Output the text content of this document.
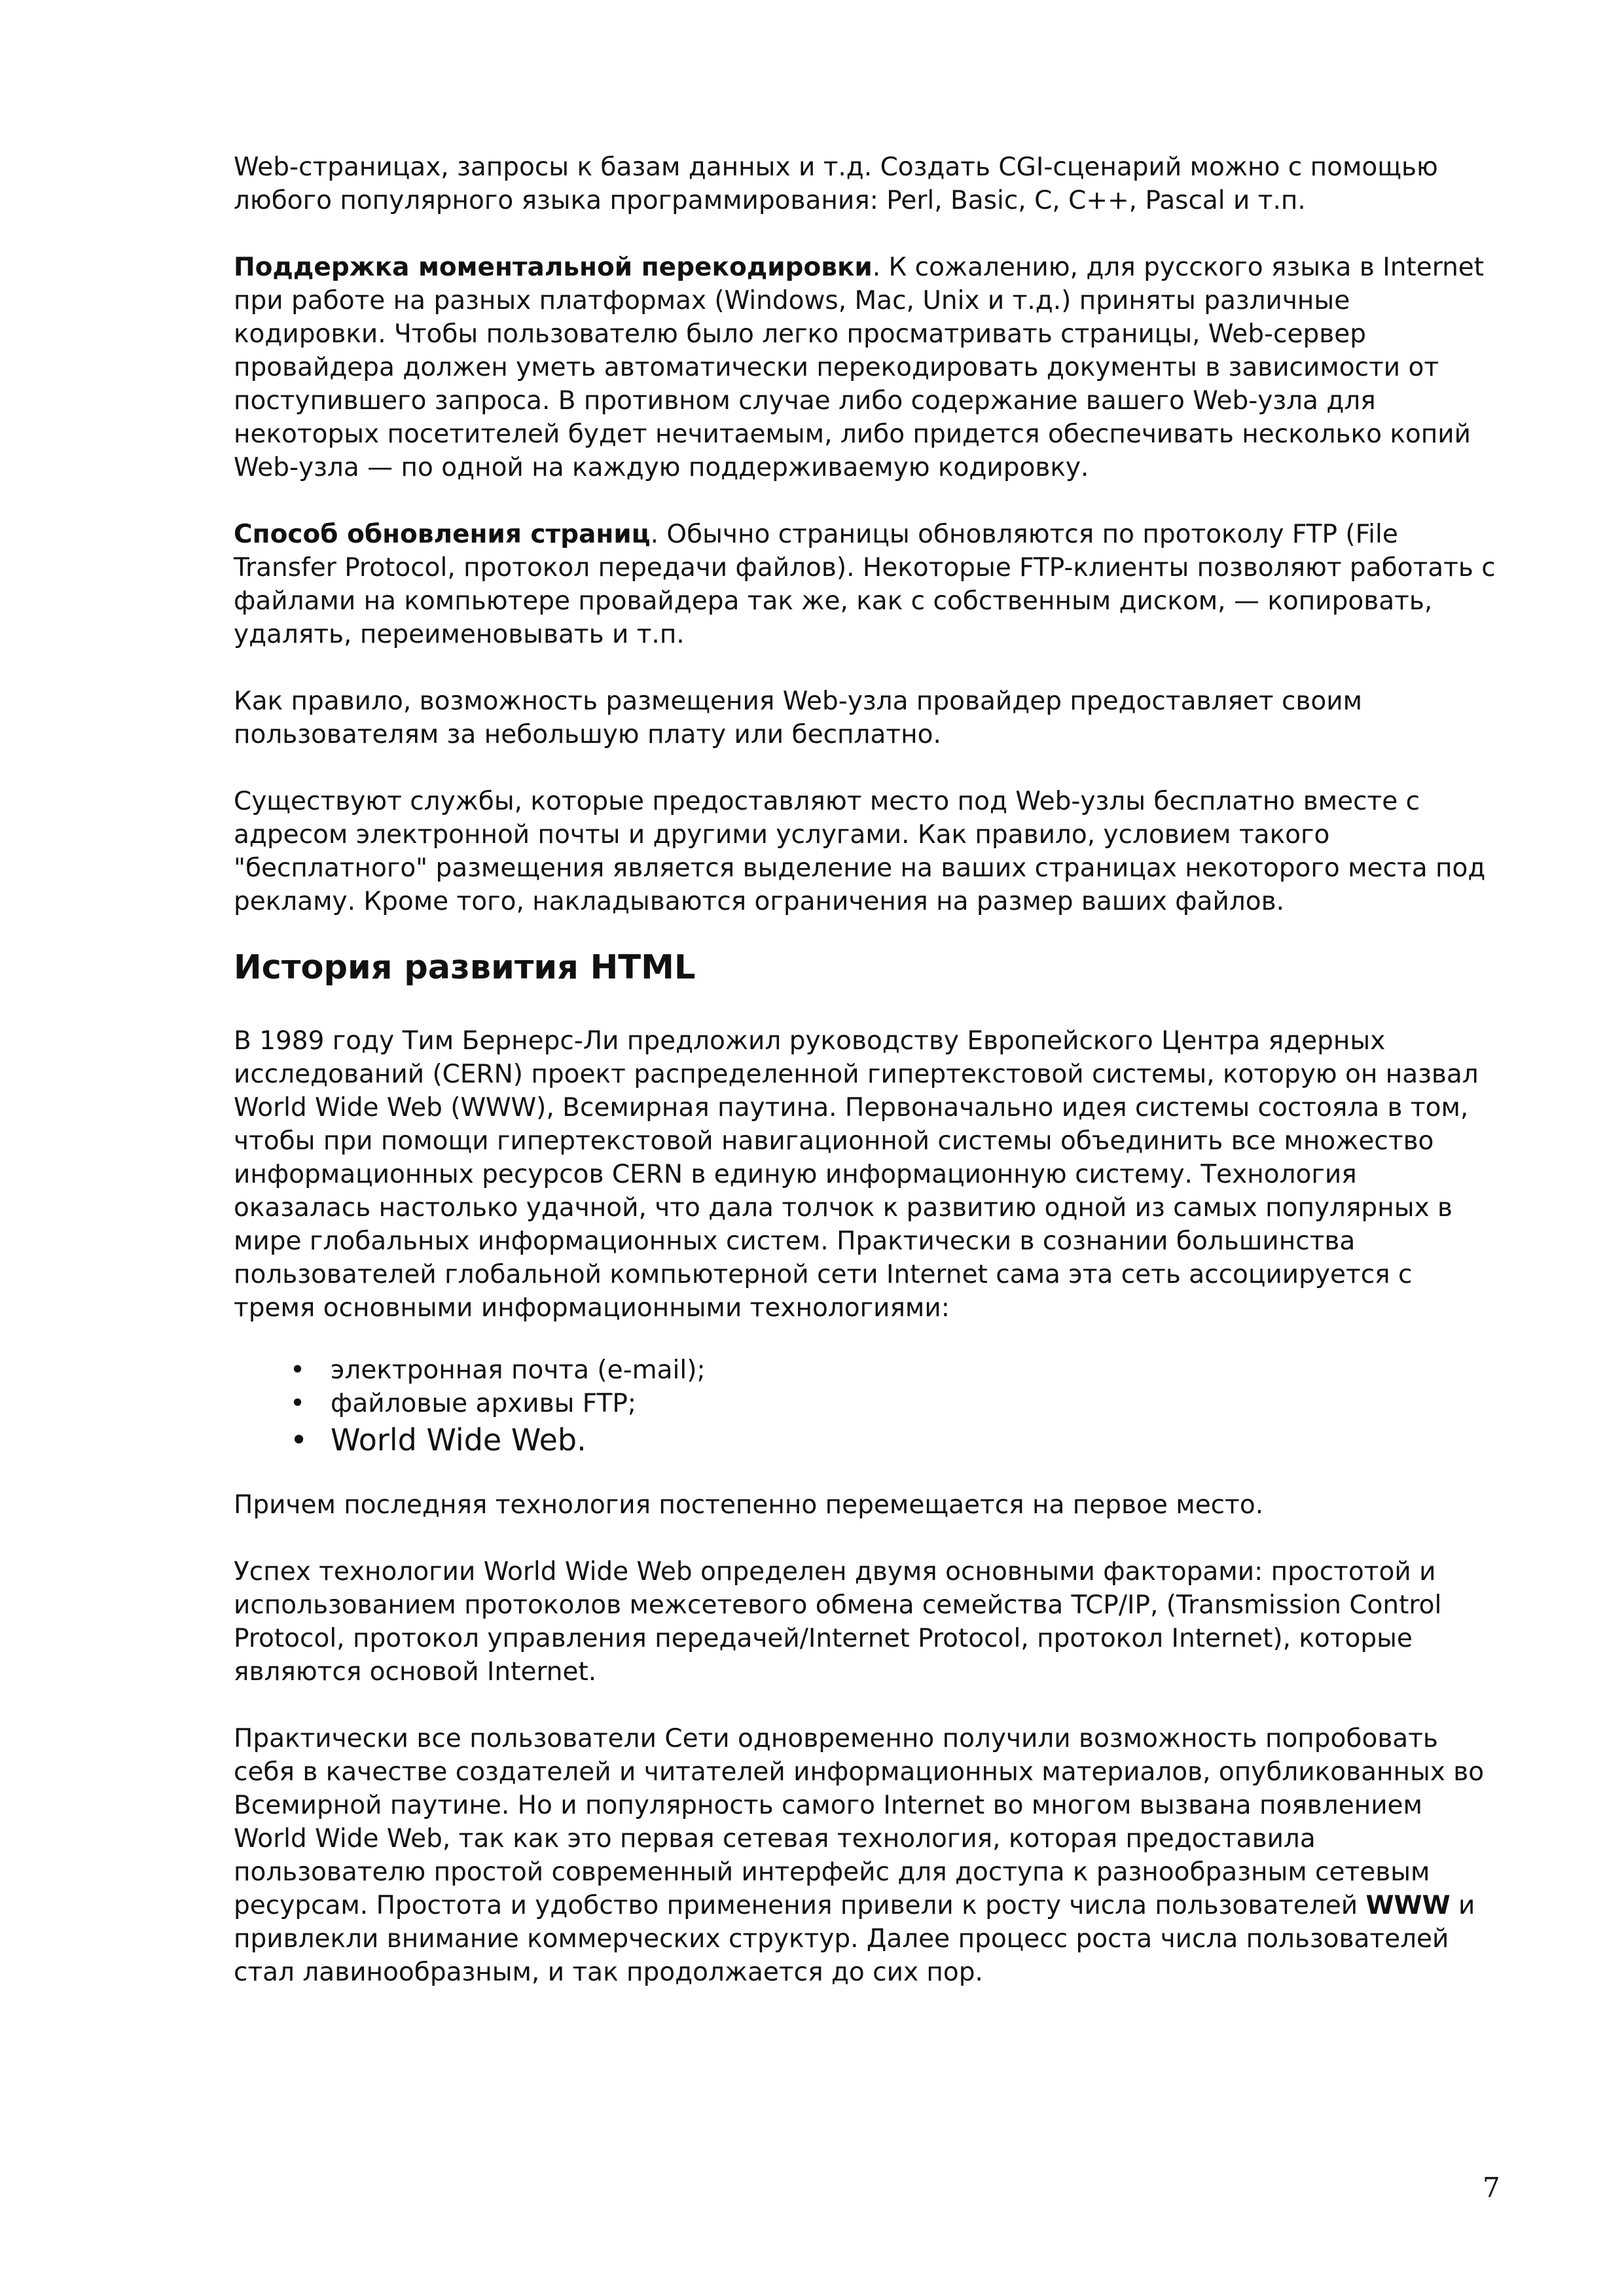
Web-страницах, запросы к базам данных и т.д. Создать CGI-сценарий можно с помощью любого популярного языка программирования: Perl, Basic, C, C++, Pascal и т.п.

Поддержка моментальной перекодировки. К сожалению, для русского языка в Internet при работе на разных платформах (Windows, Mac, Unix и т.д.) приняты различные кодировки. Чтобы пользователю было легко просматривать страницы, Web-сервер провайдера должен уметь автоматически перекодировать документы в зависимости от поступившего запроса. В противном случае либо содержание вашего Web-узла для некоторых посетителей будет нечитаемым, либо придется обеспечивать несколько копий Web-узла — по одной на каждую поддерживаемую кодировку.

Способ обновления страниц. Обычно страницы обновляются по протоколу FTP (File Transfer Protocol, протокол передачи файлов). Некоторые FTP-клиенты позволяют работать с файлами на компьютере провайдера так же, как с собственным диском, — копировать, удалять, переименовывать и т.п.

Как правило, возможность размещения Web-узла провайдер предоставляет своим пользователям за небольшую плату или бесплатно.

Существуют службы, которые предоставляют место под Web-узлы бесплатно вместе с адресом электронной почты и другими услугами. Как правило, условием такого "бесплатного" размещения является выделение на ваших страницах некоторого места под рекламу. Кроме того, накладываются ограничения на размер ваших файлов.

История развития HTML

В 1989 году Тим Бернерс-Ли предложил руководству Европейского Центра ядерных исследований (CERN) проект распределенной гипертекстовой системы, которую он назвал World Wide Web (WWW), Всемирная паутина. Первоначально идея системы состояла в том, чтобы при помощи гипертекстовой навигационной системы объединить все множество информационных ресурсов CERN в единую информационную систему. Технология оказалась настолько удачной, что дала толчок к развитию одной из самых популярных в мире глобальных информационных систем. Практически в сознании большинства пользователей глобальной компьютерной сети Internet сама эта сеть ассоциируется с тремя основными информационными технологиями:

• электронная почта (e-mail);
• файловые архивы FTP;
• World Wide Web.

Причем последняя технология постепенно перемещается на первое место.

Успех технологии World Wide Web определен двумя основными факторами: простотой и использованием протоколов межсетевого обмена семейства TCP/IP, (Transmission Control Protocol, протокол управления передачей/Internet Protocol, протокол Internet), которые являются основой Internet.

Практически все пользователи Сети одновременно получили возможность попробовать себя в качестве создателей и читателей информационных материалов, опубликованных во Всемирной паутине. Но и популярность самого Internet во многом вызвана появлением World Wide Web, так как это первая сетевая технология, которая предоставила пользователю простой современный интерфейс для доступа к разнообразным сетевым ресурсам. Простота и удобство применения привели к росту числа пользователей WWW и привлекли внимание коммерческих структур. Далее процесс роста числа пользователей стал лавинообразным, и так продолжается до сих пор.

7
